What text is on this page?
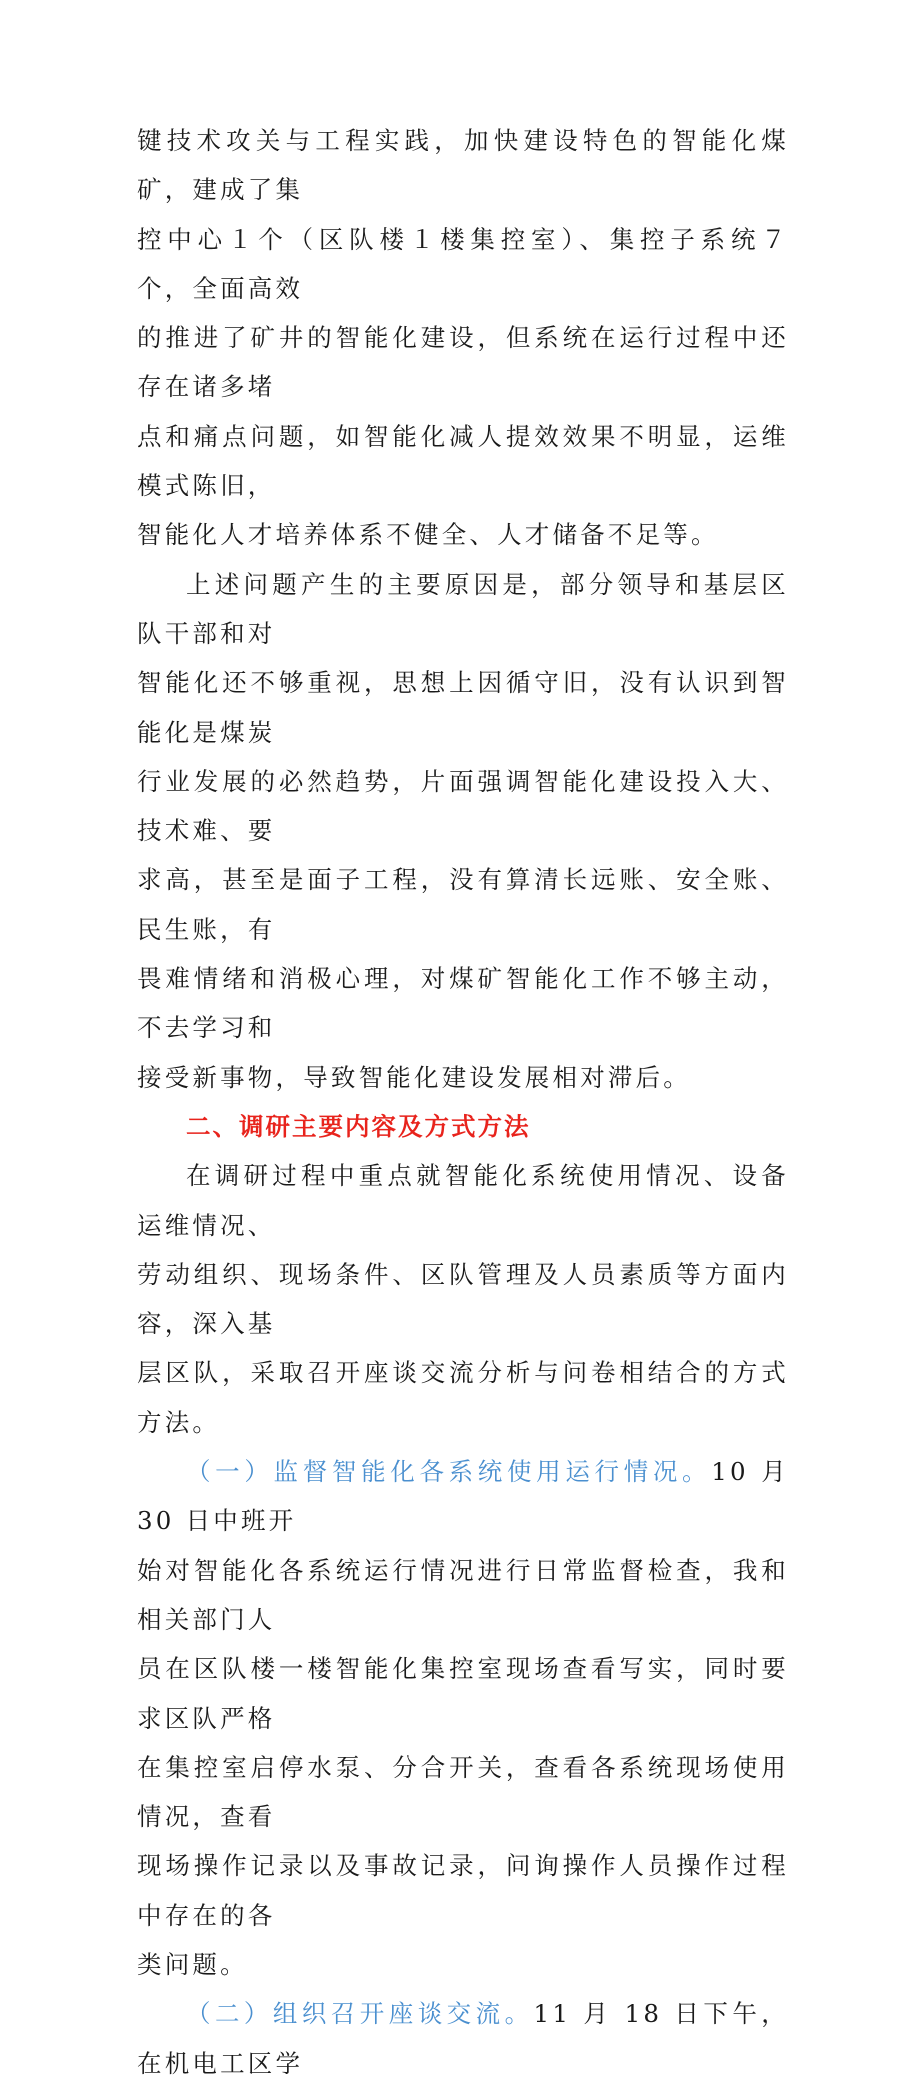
键技术攻关与工程实践，加快建设特色的智能化煤矿，建成了集
控中心１个（区队楼１楼集控室）、集控子系统７个，全面高效
的推进了矿井的智能化建设，但系统在运行过程中还存在诸多堵
点和痛点问题，如智能化减人提效效果不明显，运维模式陈旧，
智能化人才培养体系不健全、人才储备不足等。

上述问题产生的主要原因是，部分领导和基层区队干部和对
智能化还不够重视，思想上因循守旧，没有认识到智能化是煤炭
行业发展的必然趋势，片面强调智能化建设投入大、技术难、要
求高，甚至是面子工程，没有算清长远账、安全账、民生账，有
畏难情绪和消极心理，对煤矿智能化工作不够主动，不去学习和
接受新事物，导致智能化建设发展相对滞后。

二、调研主要内容及方式方法

在调研过程中重点就智能化系统使用情况、设备运维情况、
劳动组织、现场条件、区队管理及人员素质等方面内容，深入基
层区队，采取召开座谈交流分析与问卷相结合的方式方法。

（一）监督智能化各系统使用运行情况。10 月 30 日中班开
始对智能化各系统运行情况进行日常监督检查，我和相关部门人
员在区队楼一楼智能化集控室现场查看写实，同时要求区队严格
在集控室启停水泵、分合开关，查看各系统现场使用情况，查看
现场操作记录以及事故记录，问询操作人员操作过程中存在的各
类问题。

（二）组织召开座谈交流。11 月 18 日下午，在机电工区学
